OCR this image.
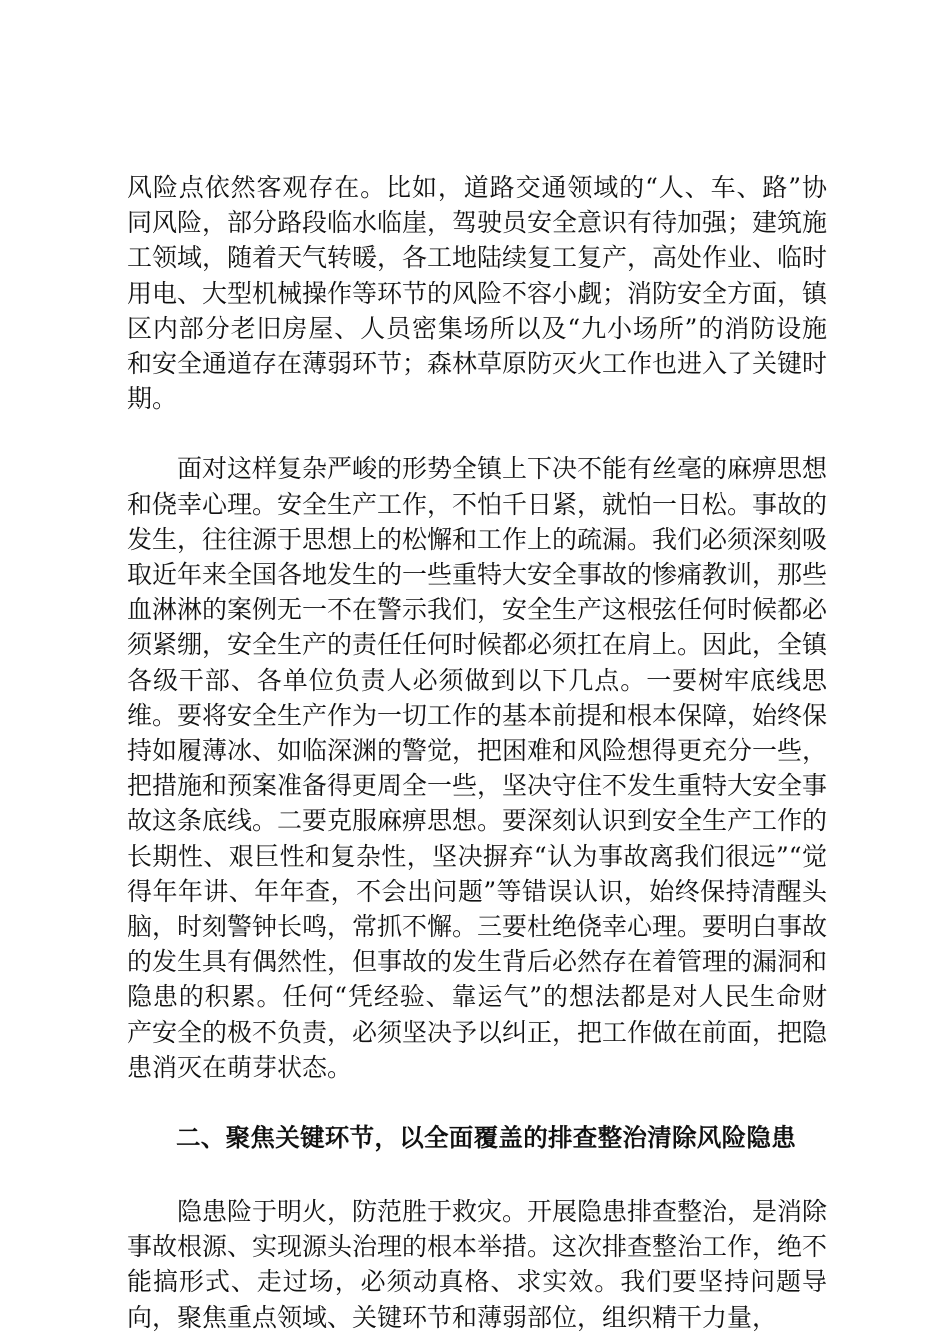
风险点依然客观存在。比如，道路交通领域的“人、车、路”协同风险，部分路段临水临崖，驾驶员安全意识有待加强；建筑施工领域，随着天气转暖，各工地陆续复工复产，高处作业、临时用电、大型机械操作等环节的风险不容小觑；消防安全方面，镇区内部分老旧房屋、人员密集场所以及“九小场所”的消防设施和安全通道存在薄弱环节；森林草原防灭火工作也进入了关键时期。

面对这样复杂严峻的形势全镇上下决不能有丝毫的麻痹思想和侥幸心理。安全生产工作，不怕千日紧，就怕一日松。事故的发生，往往源于思想上的松懈和工作上的疏漏。我们必须深刻吸取近年来全国各地发生的一些重特大安全事故的惨痛教训，那些血淋淋的案例无一不在警示我们，安全生产这根弦任何时候都必须紧绷，安全生产的责任任何时候都必须扛在肩上。因此，全镇各级干部、各单位负责人必须做到以下几点。一要树牢底线思维。要将安全生产作为一切工作的基本前提和根本保障，始终保持如履薄冰、如临深渊的警觉，把困难和风险想得更充分一些，把措施和预案准备得更周全一些，坚决守住不发生重特大安全事故这条底线。二要克服麻痹思想。要深刻认识到安全生产工作的长期性、艰巨性和复杂性，坚决摒弃“认为事故离我们很远”“觉得年年讲、年年查，不会出问题”等错误认识，始终保持清醒头脑，时刻警钟长鸣，常抓不懈。三要杜绝侥幸心理。要明白事故的发生具有偶然性，但事故的发生背后必然存在着管理的漏洞和隐患的积累。任何“凭经验、靠运气”的想法都是对人民生命财产安全的极不负责，必须坚决予以纠正，把工作做在前面，把隐患消灭在萌芽状态。

二、聚焦关键环节，以全面覆盖的排查整治清除风险隐患

隐患险于明火，防范胜于救灾。开展隐患排查整治，是消除事故根源、实现源头治理的根本举措。这次排查整治工作，绝不能搞形式、走过场，必须动真格、求实效。我们要坚持问题导向，聚焦重点领域、关键环节和薄弱部位，组织精干力量，
